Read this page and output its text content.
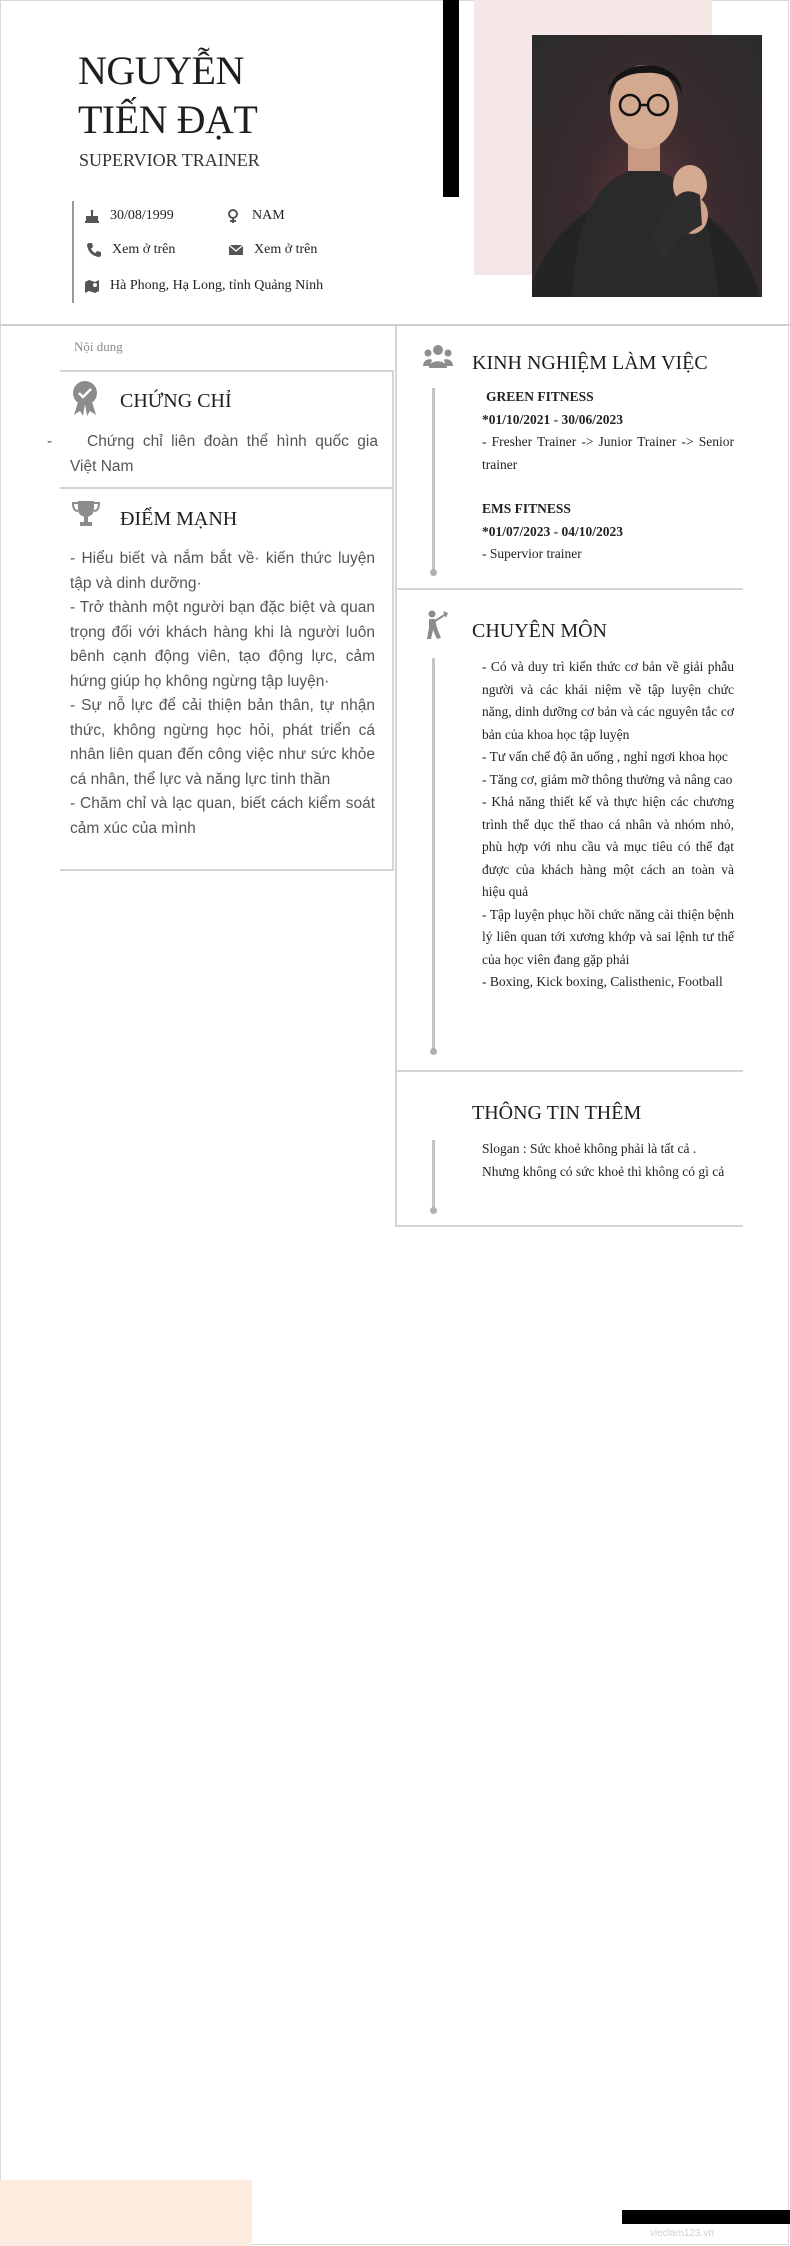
NGUYỄN
TIẾN ĐẠT
SUPERVIOR TRAINER
30/08/1999	NAM
Xem ở trên	Xem ở trên
Hà Phong, Hạ Long, tỉnh Quảng Ninh
Nội dung
CHỨNG CHỈ
-	Chứng chỉ liên đoàn thể hình quốc gia Việt Nam
ĐIỂM MẠNH
- Hiểu biết và nắm bắt về· kiến thức luyện tập và dinh dưỡng·
- Trở thành một người bạn đặc biệt và quan trọng đối với khách hàng khi là người luôn bênh cạnh động viên, tạo động lực, cảm hứng giúp họ không ngừng tập luyện·
- Sự nỗ lực để cải thiện bản thân, tự nhận thức, không ngừng học hỏi, phát triển cá nhân liên quan đến công việc như sức khỏe cá nhân, thể lực và năng lực tinh thần
- Chăm chỉ và lạc quan, biết cách kiểm soát cảm xúc của mình
KINH NGHIỆM LÀM VIỆC
GREEN FITNESS
*01/10/2021 - 30/06/2023
- Fresher Trainer -> Junior Trainer -> Senior trainer
EMS FITNESS
*01/07/2023 - 04/10/2023
- Supervior trainer
CHUYÊN MÔN
- Có và duy trì kiến thức cơ bản về giải phẫu người và các khái niệm về tập luyện chức năng, dinh dưỡng cơ bản và các nguyên tắc cơ bản của khoa học tập luyện
- Tư vấn chế độ ăn uống , nghỉ ngơi khoa học
- Tăng cơ, giảm mỡ thông thường và nâng cao
- Khả năng thiết kế và thực hiện các chương trình thể dục thể thao cá nhân và nhóm nhỏ, phù hợp với nhu cầu và mục tiêu có thể đạt được của khách hàng một cách an toàn và hiệu quả
- Tập luyện phục hồi chức năng cải thiện bệnh lý liên quan tới xương khớp và sai lệnh tư thế của học viên đang gặp phải
- Boxing, Kick boxing, Calisthenic, Football
THÔNG TIN THÊM
Slogan : Sức khoẻ không phải là tất cả . Nhưng không có sức khoẻ thì không có gì cả
vieclam123.vn
